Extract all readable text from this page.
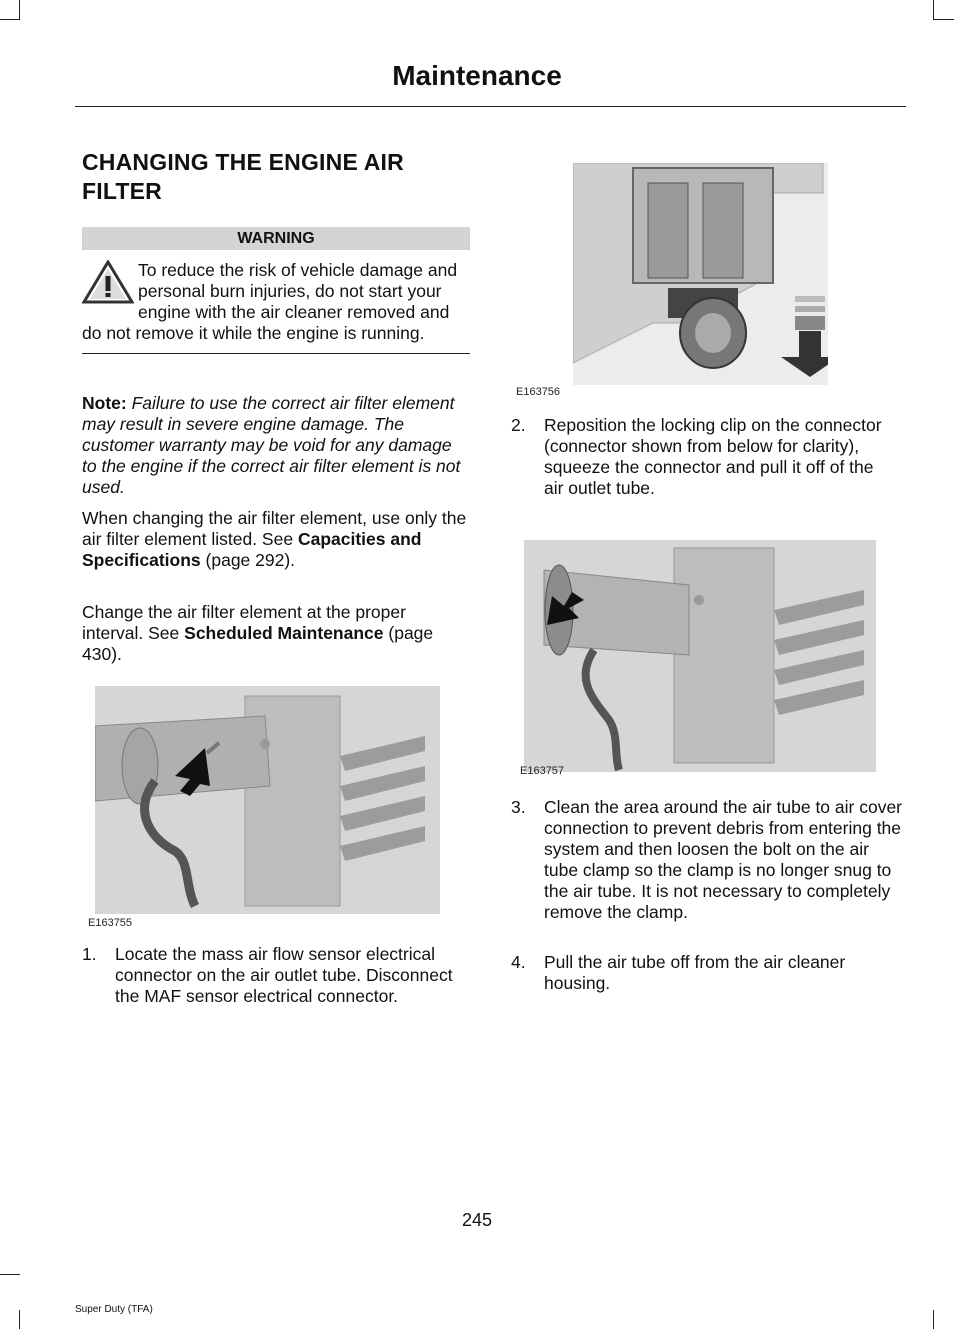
Maintenance
CHANGING THE ENGINE AIR FILTER
WARNING
To reduce the risk of vehicle damage and personal burn injuries, do not start your engine with the air cleaner removed and do not remove it while the engine is running.

Note: Failure to use the correct air filter element may result in severe engine damage. The customer warranty may be void for any damage to the engine if the correct air filter element is not used.

When changing the air filter element, use only the air filter element listed. See Capacities and Specifications (page 292).

Change the air filter element at the proper interval. See Scheduled Maintenance (page 430).

E163755
E163756
1.	Locate the mass air flow sensor electrical connector on the air outlet tube. Disconnect the MAF sensor electrical connector.
2.	Reposition the locking clip on the connector (connector shown from below for clarity), squeeze the connector and pull it off of the air outlet tube.
E163757
3.	Clean the area around the air tube to air cover connection to prevent debris from entering the system and then loosen the bolt on the air tube clamp so the clamp is no longer snug to the air tube. It is not necessary to completely remove the clamp.
4.	Pull the air tube off from the air cleaner housing.
245
Super Duty (TFA)
